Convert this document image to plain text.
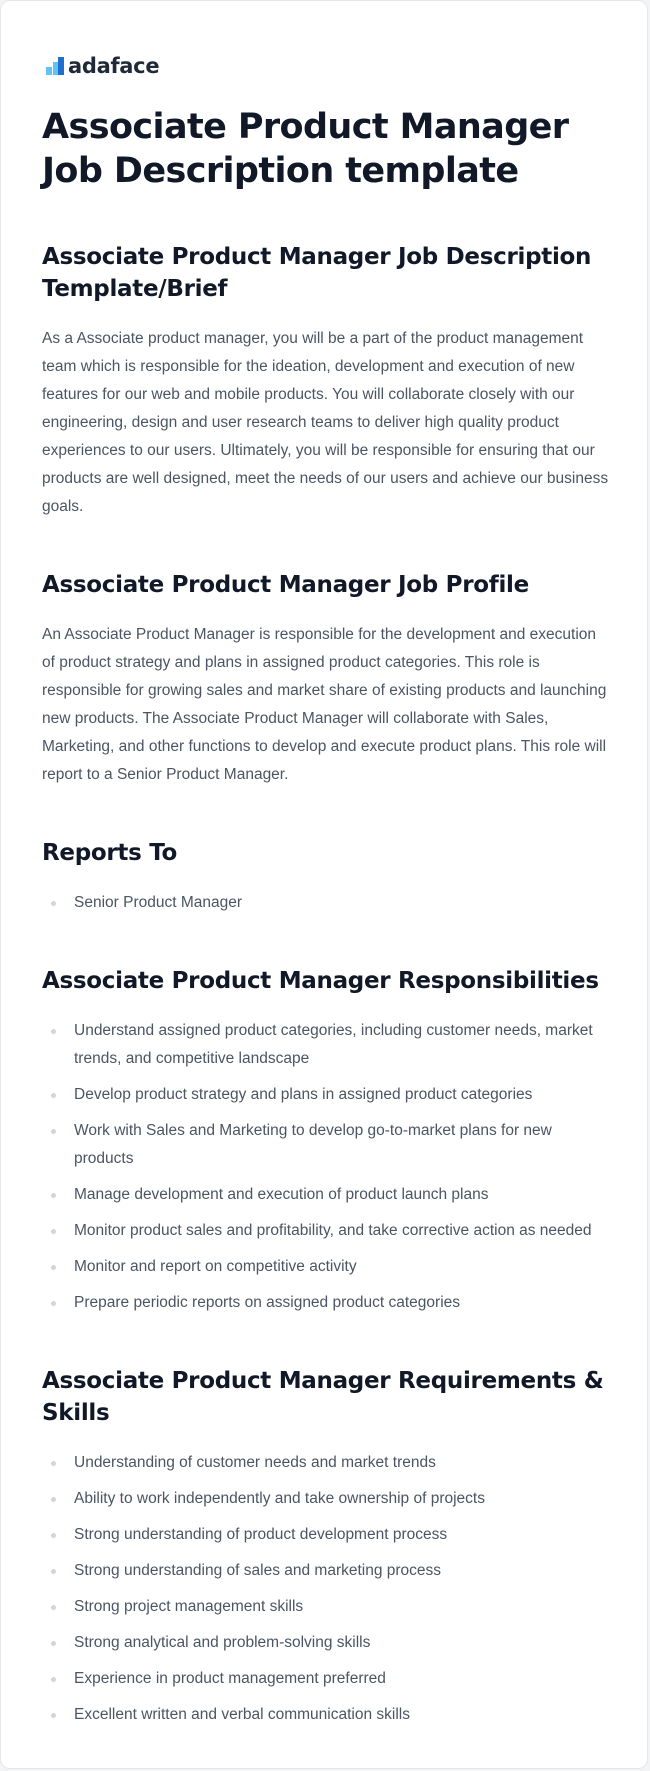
adaface
Associate Product Manager Job Description template
Associate Product Manager Job Description Template/Brief

As a Associate product manager, you will be a part of the product management team which is responsible for the ideation, development and execution of new features for our web and mobile products. You will collaborate closely with our engineering, design and user research teams to deliver high quality product experiences to our users. Ultimately, you will be responsible for ensuring that our products are well designed, meet the needs of our users and achieve our business goals.

Associate Product Manager Job Profile

An Associate Product Manager is responsible for the development and execution of product strategy and plans in assigned product categories. This role is responsible for growing sales and market share of existing products and launching new products. The Associate Product Manager will collaborate with Sales, Marketing, and other functions to develop and execute product plans. This role will report to a Senior Product Manager.

Reports To
Senior Product Manager
Associate Product Manager Responsibilities
Understand assigned product categories, including customer needs, market trends, and competitive landscape
Develop product strategy and plans in assigned product categories
Work with Sales and Marketing to develop go-to-market plans for new products
Manage development and execution of product launch plans
Monitor product sales and profitability, and take corrective action as needed
Monitor and report on competitive activity
Prepare periodic reports on assigned product categories
Associate Product Manager Requirements & Skills
Understanding of customer needs and market trends
Ability to work independently and take ownership of projects
Strong understanding of product development process
Strong understanding of sales and marketing process
Strong project management skills
Strong analytical and problem-solving skills
Experience in product management preferred
Excellent written and verbal communication skills
